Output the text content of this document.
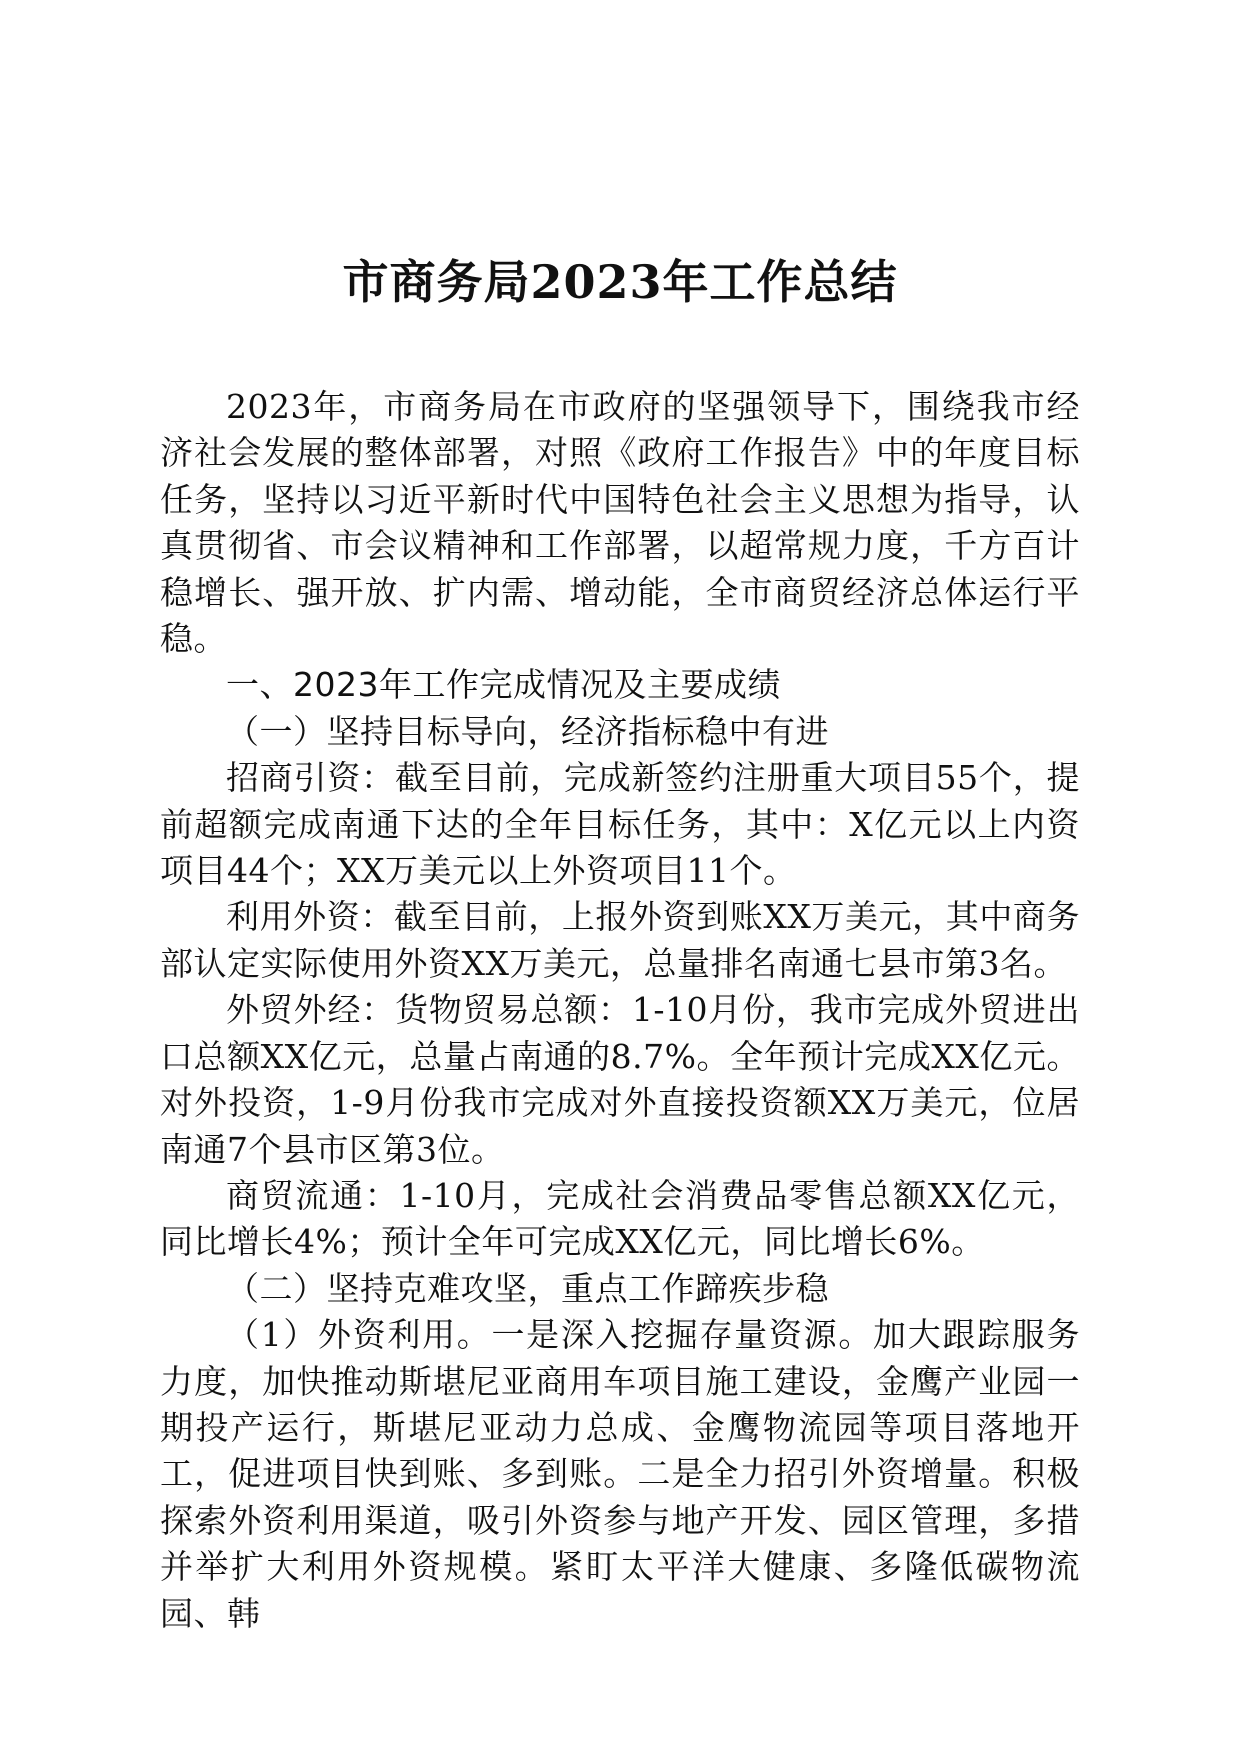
市商务局2023年工作总结

2023年，市商务局在市政府的坚强领导下，围绕我市经济社会发展的整体部署，对照《政府工作报告》中的年度目标任务，坚持以习近平新时代中国特色社会主义思想为指导，认真贯彻省、市会议精神和工作部署，以超常规力度，千方百计稳增长、强开放、扩内需、增动能，全市商贸经济总体运行平稳。

一、2023年工作完成情况及主要成绩

（一）坚持目标导向，经济指标稳中有进

招商引资：截至目前，完成新签约注册重大项目55个，提前超额完成南通下达的全年目标任务，其中：X亿元以上内资项目44个；XX万美元以上外资项目11个。

利用外资：截至目前，上报外资到账XX万美元，其中商务部认定实际使用外资XX万美元，总量排名南通七县市第3名。

外贸外经：货物贸易总额：1-10月份，我市完成外贸进出口总额XX亿元，总量占南通的8.7%。全年预计完成XX亿元。对外投资，1-9月份我市完成对外直接投资额XX万美元，位居南通7个县市区第3位。

商贸流通：1-10月，完成社会消费品零售总额XX亿元，同比增长4%；预计全年可完成XX亿元，同比增长6%。

（二）坚持克难攻坚，重点工作蹄疾步稳

（1）外资利用。一是深入挖掘存量资源。加大跟踪服务力度，加快推动斯堪尼亚商用车项目施工建设，金鹰产业园一期投产运行，斯堪尼亚动力总成、金鹰物流园等项目落地开工，促进项目快到账、多到账。二是全力招引外资增量。积极探索外资利用渠道，吸引外资参与地产开发、园区管理，多措并举扩大利用外资规模。紧盯太平洋大健康、多隆低碳物流园、韩
